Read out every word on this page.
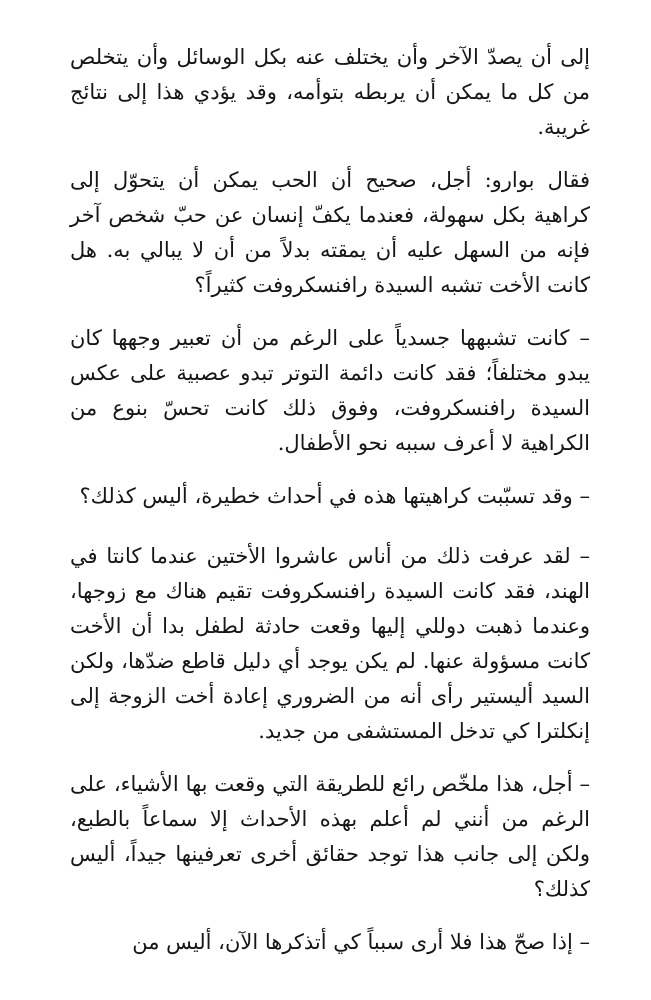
إلى أن يصدّ الآخر وأن يختلف عنه بكل الوسائل وأن يتخلص من كل ما يمكن أن يربطه بتوأمه، وقد يؤدي هذا إلى نتائج غريبة.

فقال بوارو: أجل، صحيح أن الحب يمكن أن يتحوّل إلى كراهية بكل سهولة، فعندما يكفّ إنسان عن حبّ شخص آخر فإنه من السهل عليه أن يمقته بدلاً من أن لا يبالي به. هل كانت الأخت تشبه السيدة رافنسكروفت كثيراً؟

– كانت تشبهها جسدياً على الرغم من أن تعبير وجهها كان يبدو مختلفاً؛ فقد كانت دائمة التوتر تبدو عصبية على عكس السيدة رافنسكروفت، وفوق ذلك كانت تحسّ بنوع من الكراهية لا أعرف سببه نحو الأطفال.

– وقد تسبّبت كراهيتها هذه في أحداث خطيرة، أليس كذلك؟

– لقد عرفت ذلك من أناس عاشروا الأختين عندما كانتا في الهند، فقد كانت السيدة رافنسكروفت تقيم هناك مع زوجها، وعندما ذهبت دوللي إليها وقعت حادثة لطفل بدا أن الأخت كانت مسؤولة عنها. لم يكن يوجد أي دليل قاطع ضدّها، ولكن السيد أليستير رأى أنه من الضروري إعادة أخت الزوجة إلى إنكلترا كي تدخل المستشفى من جديد.

– أجل، هذا ملخّص رائع للطريقة التي وقعت بها الأشياء، على الرغم من أنني لم أعلم بهذه الأحداث إلا سماعاً بالطبع، ولكن إلى جانب هذا توجد حقائق أخرى تعرفينها جيداً، أليس كذلك؟

– إذا صحّ هذا فلا أرى سبباً كي أتذكرها الآن، أليس من
